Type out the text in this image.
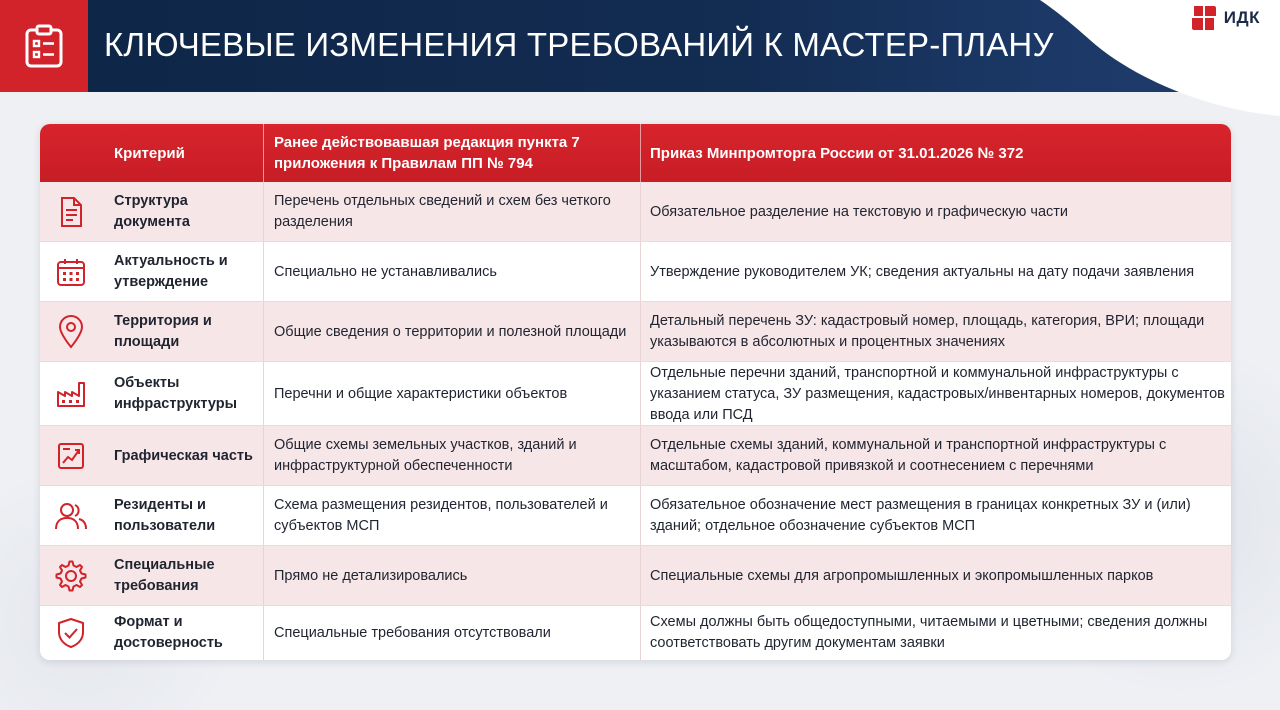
КЛЮЧЕВЫЕ ИЗМЕНЕНИЯ ТРЕБОВАНИЙ К МАСТЕР-ПЛАНУ
ИДК
Критерий
Ранее действовавшая редакция пункта 7 приложения к Правилам ПП № 794
Приказ Минпромторга России от 31.01.2026 № 372
Структура документа
Перечень отдельных сведений и схем без четкого разделения
Обязательное разделение на текстовую и графическую части
Актуальность и утверждение
Специально не устанавливались	Утверждение руководителем УК; сведения актуальны на дату подачи заявления
Территория и площади
Общие сведения о территории и полезной площади
Детальный перечень ЗУ: кадастровый номер, площадь, категория, ВРИ; площади указываются в абсолютных и процентных значениях
Объекты инфраструктуры
Перечни и общие характеристики объектов
Отдельные перечни зданий, транспортной и коммунальной инфраструктуры с указанием статуса, ЗУ размещения, кадастровых/инвентарных номеров, документов ввода или ПСД
Графическая часть
Общие схемы земельных участков, зданий и инфраструктурной обеспеченности
Отдельные схемы зданий, коммунальной и транспортной инфраструктуры с масштабом, кадастровой привязкой и соотнесением с перечнями
Резиденты и пользователи
Схема размещения резидентов, пользователей и субъектов МСП
Обязательное обозначение мест размещения в границах конкретных ЗУ и (или) зданий; отдельное обозначение субъектов МСП
Специальные требования
Прямо не детализировались	Специальные схемы для агропромышленных и экопромышленных парков
Формат и достоверность
Специальные требования отсутствовали
Схемы должны быть общедоступными, читаемыми и цветными; сведения должны соответствовать другим документам заявки
